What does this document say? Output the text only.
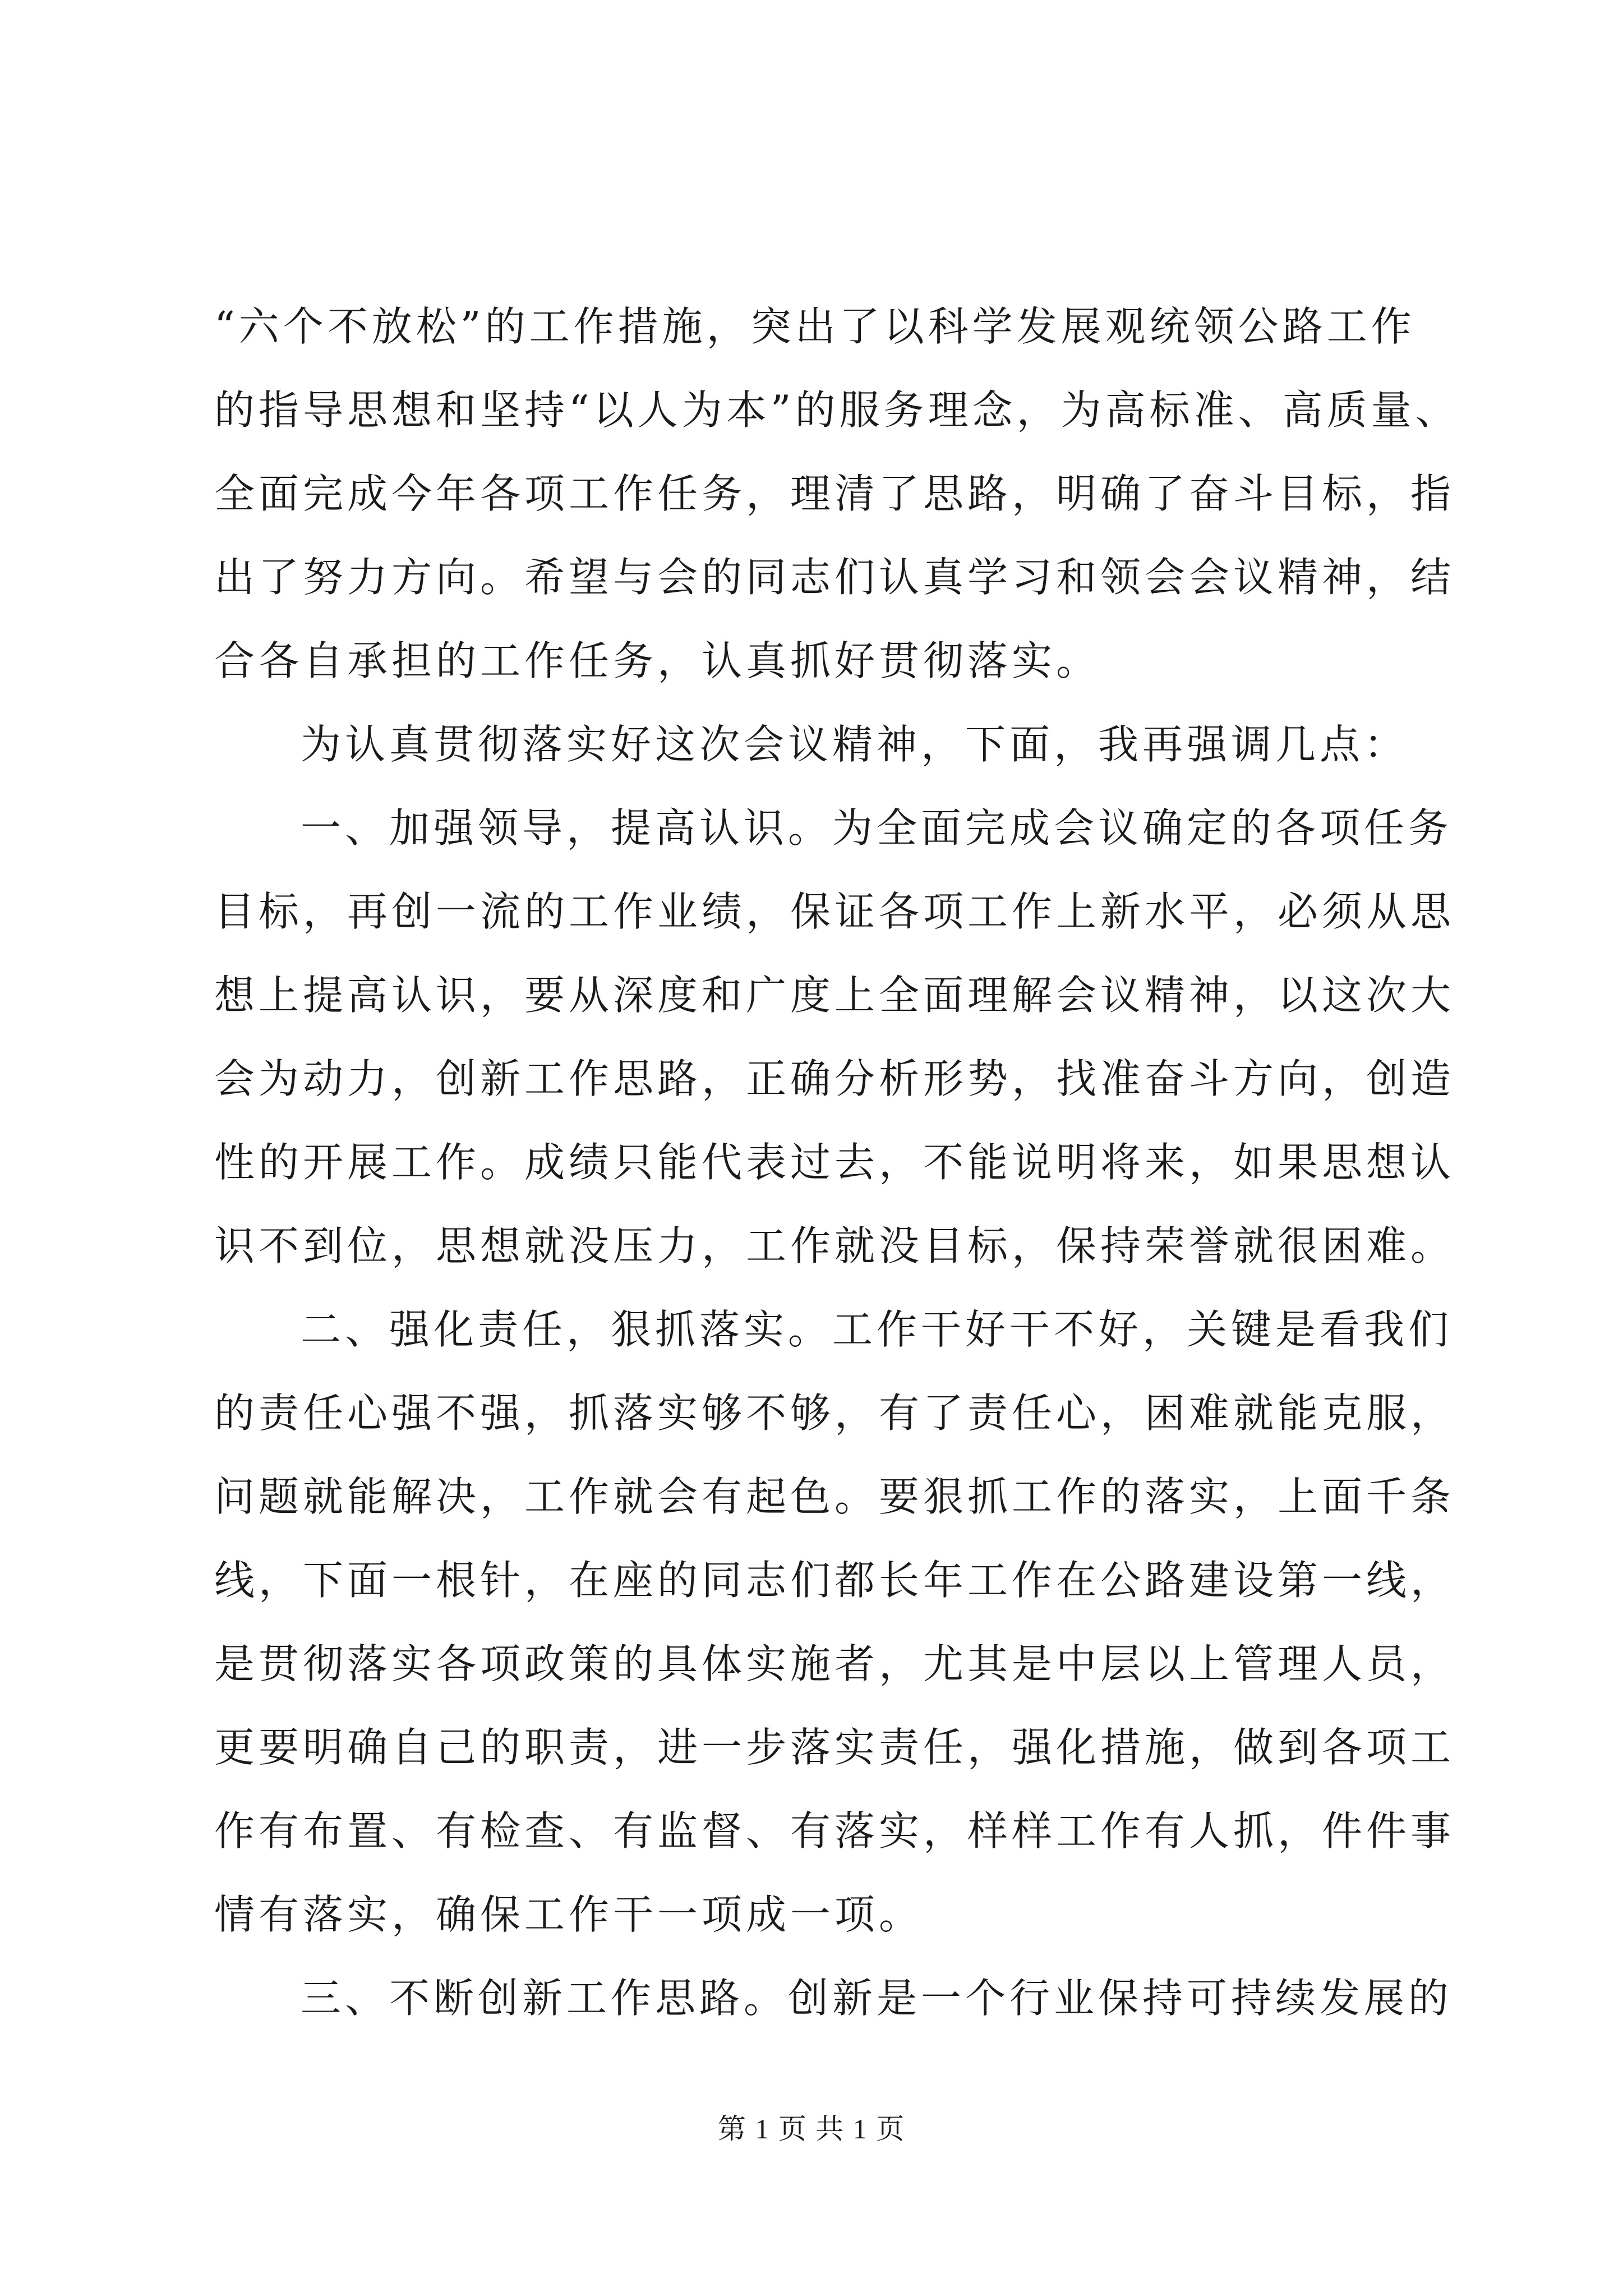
“六个不放松”的工作措施，突出了以科学发展观统领公路工作
的指导思想和坚持“以人为本”的服务理念，为高标准、高质量、
全面完成今年各项工作任务，理清了思路，明确了奋斗目标，指
出了努力方向。希望与会的同志们认真学习和领会会议精神，结
合各自承担的工作任务，认真抓好贯彻落实。
为认真贯彻落实好这次会议精神，下面，我再强调几点：
一、加强领导，提高认识。为全面完成会议确定的各项任务
目标，再创一流的工作业绩，保证各项工作上新水平，必须从思
想上提高认识，要从深度和广度上全面理解会议精神，以这次大
会为动力，创新工作思路，正确分析形势，找准奋斗方向，创造
性的开展工作。成绩只能代表过去，不能说明将来，如果思想认
识不到位，思想就没压力，工作就没目标，保持荣誉就很困难。
二、强化责任，狠抓落实。工作干好干不好，关键是看我们
的责任心强不强，抓落实够不够，有了责任心，困难就能克服，
问题就能解决，工作就会有起色。要狠抓工作的落实，上面千条
线，下面一根针，在座的同志们都长年工作在公路建设第一线，
是贯彻落实各项政策的具体实施者，尤其是中层以上管理人员，
更要明确自己的职责，进一步落实责任，强化措施，做到各项工
作有布置、有检查、有监督、有落实，样样工作有人抓，件件事
情有落实，确保工作干一项成一项。
三、不断创新工作思路。创新是一个行业保持可持续发展的
第 1 页 共 1 页
